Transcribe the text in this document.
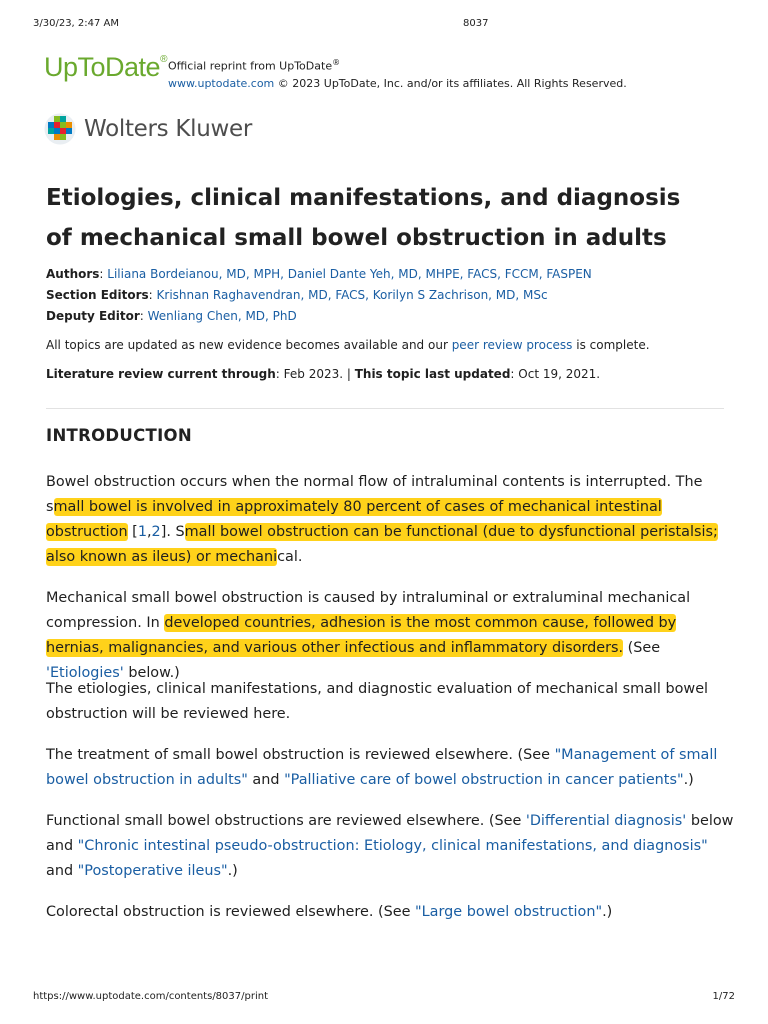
3/30/23, 2:47 AM	8037
UpToDate®
Official reprint from UpToDate®
www.uptodate.com © 2023 UpToDate, Inc. and/or its affiliates. All Rights Reserved.
Wolters Kluwer
Etiologies, clinical manifestations, and diagnosis of mechanical small bowel obstruction in adults
Authors: Liliana Bordeianou, MD, MPH, Daniel Dante Yeh, MD, MHPE, FACS, FCCM, FASPEN
Section Editors: Krishnan Raghavendran, MD, FACS, Korilyn S Zachrison, MD, MSc
Deputy Editor: Wenliang Chen, MD, PhD
All topics are updated as new evidence becomes available and our peer review process is complete.
Literature review current through: Feb 2023. | This topic last updated: Oct 19, 2021.
INTRODUCTION

Bowel obstruction occurs when the normal flow of intraluminal contents is interrupted. The small bowel is involved in approximately 80 percent of cases of mechanical intestinal obstruction [1,2]. Small bowel obstruction can be functional (due to dysfunctional peristalsis; also known as ileus) or mechanical.

Mechanical small bowel obstruction is caused by intraluminal or extraluminal mechanical compression. In developed countries, adhesion is the most common cause, followed by hernias, malignancies, and various other infectious and inflammatory disorders. (See 'Etiologies' below.)

The etiologies, clinical manifestations, and diagnostic evaluation of mechanical small bowel obstruction will be reviewed here.

The treatment of small bowel obstruction is reviewed elsewhere. (See "Management of small bowel obstruction in adults" and "Palliative care of bowel obstruction in cancer patients".)

Functional small bowel obstructions are reviewed elsewhere. (See 'Differential diagnosis' below and "Chronic intestinal pseudo-obstruction: Etiology, clinical manifestations, and diagnosis" and "Postoperative ileus".)

Colorectal obstruction is reviewed elsewhere. (See "Large bowel obstruction".)

https://www.uptodate.com/contents/8037/print	1/72
